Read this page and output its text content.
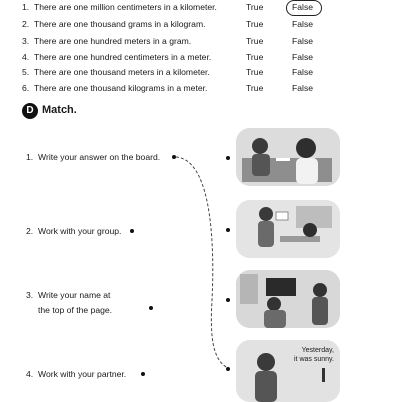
1. There are one million centimeters in a kilometer.	True	False
2. There are one thousand grams in a kilogram.	True	False
3. There are one hundred meters in a gram.	True	False
4. There are one hundred centimeters in a meter.	True	False
5. There are one thousand meters in a kilometer.	True	False
6. There are one thousand kilograms in a meter.	True	False
D Match.
1. Write your answer on the board.
2. Work with your group.
3. Write your name at
the top of the page.
4. Work with your partner.
Yesterday,
it was sunny.
